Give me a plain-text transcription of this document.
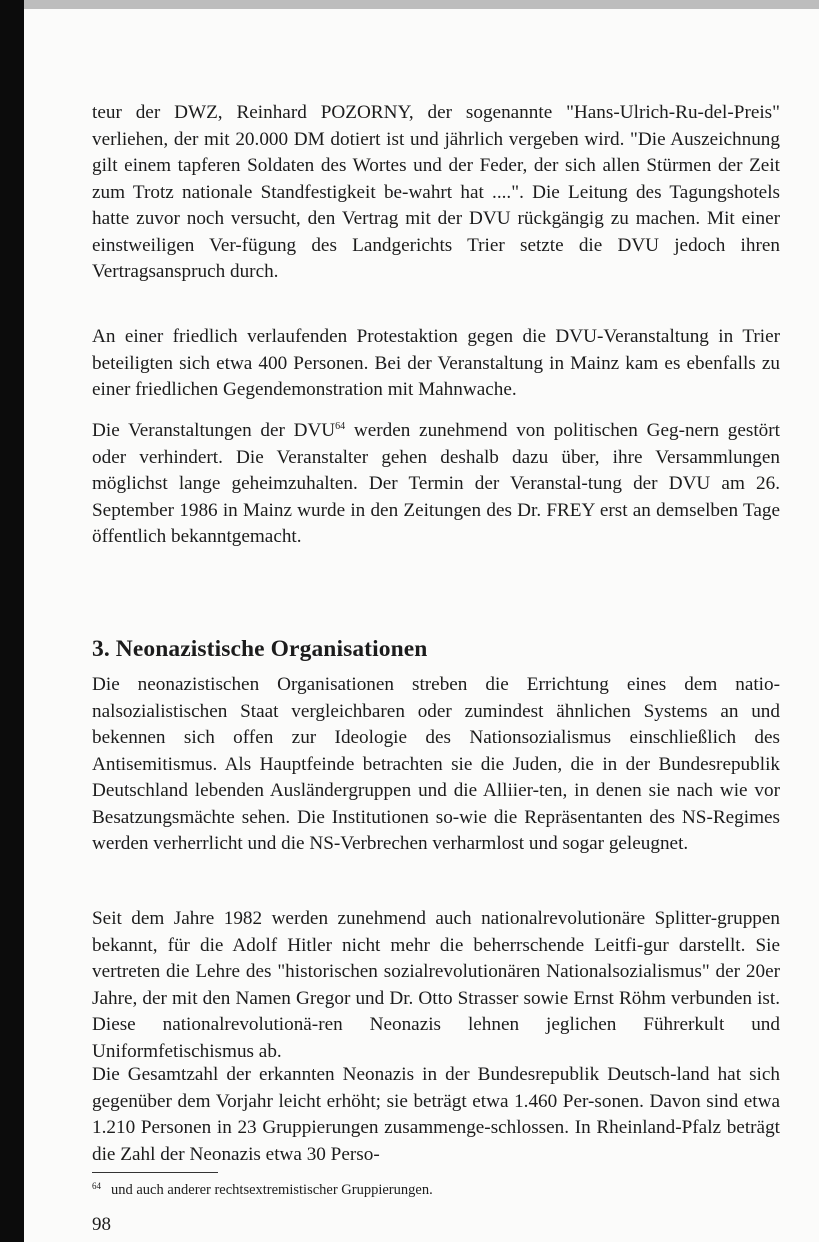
teur der DWZ, Reinhard POZORNY, der sogenannte "Hans-Ulrich-Ru-del-Preis" verliehen, der mit 20.000 DM dotiert ist und jährlich vergeben wird. "Die Auszeichnung gilt einem tapferen Soldaten des Wortes und der Feder, der sich allen Stürmen der Zeit zum Trotz nationale Standfestigkeit be-wahrt hat ....". Die Leitung des Tagungshotels hatte zuvor noch versucht, den Vertrag mit der DVU rückgängig zu machen. Mit einer einstweiligen Ver-fügung des Landgerichts Trier setzte die DVU jedoch ihren Vertragsanspruch durch.

An einer friedlich verlaufenden Protestaktion gegen die DVU-Veranstaltung in Trier beteiligten sich etwa 400 Personen. Bei der Veranstaltung in Mainz kam es ebenfalls zu einer friedlichen Gegendemonstration mit Mahnwache.

Die Veranstaltungen der DVU$^{64}$ werden zunehmend von politischen Geg-nern gestört oder verhindert. Die Veranstalter gehen deshalb dazu über, ihre Versammlungen möglichst lange geheimzuhalten. Der Termin der Veranstal-tung der DVU am 26. September 1986 in Mainz wurde in den Zeitungen des Dr. FREY erst an demselben Tage öffentlich bekanntgemacht.

3. Neonazistische Organisationen

Die neonazistischen Organisationen streben die Errichtung eines dem natio-nalsozialistischen Staat vergleichbaren oder zumindest ähnlichen Systems an und bekennen sich offen zur Ideologie des Nationsozialismus einschließlich des Antisemitismus. Als Hauptfeinde betrachten sie die Juden, die in der Bundesrepublik Deutschland lebenden Ausländergruppen und die Alliier-ten, in denen sie nach wie vor Besatzungsmächte sehen. Die Institutionen so-wie die Repräsentanten des NS-Regimes werden verherrlicht und die NS-Verbrechen verharmlost und sogar geleugnet.

Seit dem Jahre 1982 werden zunehmend auch nationalrevolutionäre Splitter-gruppen bekannt, für die Adolf Hitler nicht mehr die beherrschende Leitfi-gur darstellt. Sie vertreten die Lehre des "historischen sozialrevolutionären Nationalsozialismus" der 20er Jahre, der mit den Namen Gregor und Dr. Otto Strasser sowie Ernst Röhm verbunden ist. Diese nationalrevolutionä-ren Neonazis lehnen jeglichen Führerkult und Uniformfetischismus ab.

Die Gesamtzahl der erkannten Neonazis in der Bundesrepublik Deutsch-land hat sich gegenüber dem Vorjahr leicht erhöht; sie beträgt etwa 1.460 Per-sonen. Davon sind etwa 1.210 Personen in 23 Gruppierungen zusammenge-schlossen. In Rheinland-Pfalz beträgt die Zahl der Neonazis etwa 30 Perso-

$^{64}$ und auch anderer rechtsextremistischer Gruppierungen.
98
